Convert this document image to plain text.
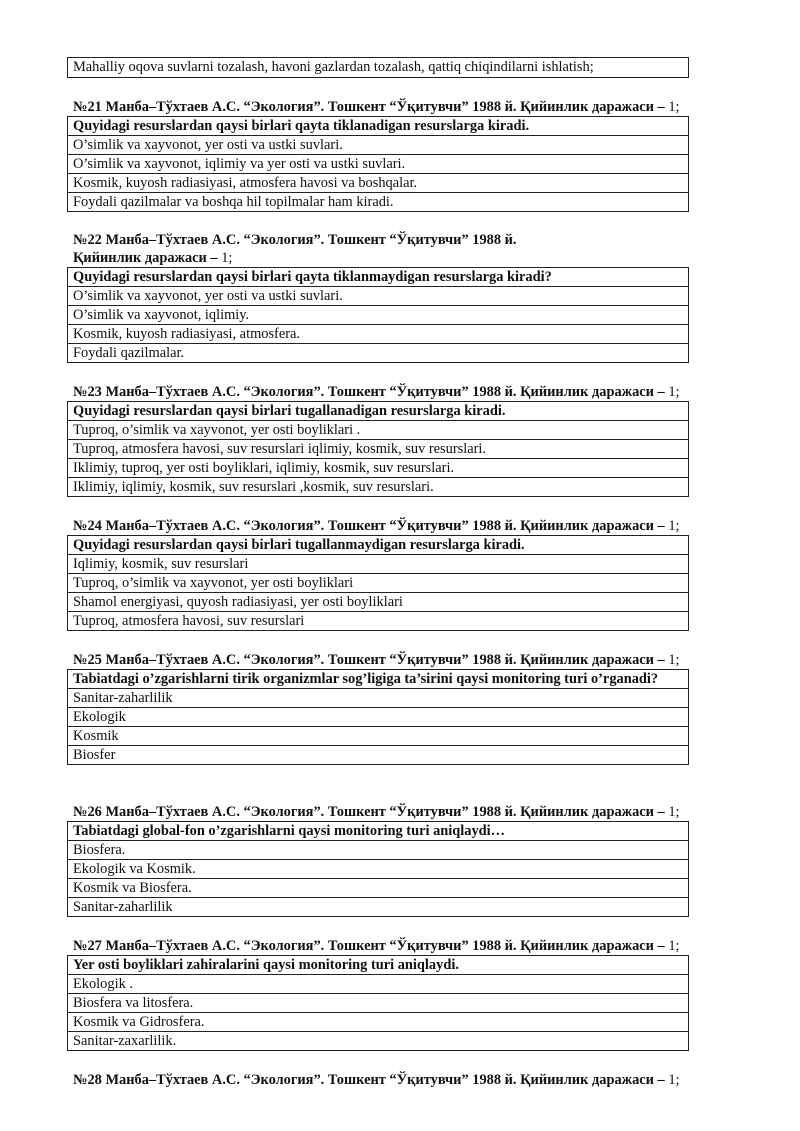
Mahalliy oqova suvlarni tozalash, havoni gazlardan tozalash, qattiq chiqindilarni ishlatish;
№21 Манба–Тўхтаев А.С. “Экология”. Тошкент “Ўқитувчи” 1988 й. Қийинлик даражаси – 1;
Quyidagi resurslardan qaysi birlari qayta tiklanadigan resurslarga kiradi.
O’simlik va xayvonot, yer osti va ustki suvlari.
O’simlik va xayvonot, iqlimiy va yer osti va ustki suvlari.
Kosmik, kuyosh radiasiyasi, atmosfera havosi va boshqalar.
Foydali qazilmalar va boshqa hil topilmalar ham kiradi.
№22 Манба–Тўхтаев А.С. “Экология”. Тошкент “Ўқитувчи” 1988 й.
Қийинлик даражаси – 1;
Quyidagi resurslardan qaysi birlari qayta tiklanmaydigan resurslarga kiradi?
O’simlik va xayvonot, yer osti va ustki suvlari.
O’simlik va xayvonot, iqlimiy.
Kosmik, kuyosh radiasiyasi, atmosfera.
Foydali qazilmalar.
№23 Манба–Тўхтаев А.С. “Экология”. Тошкент “Ўқитувчи” 1988 й. Қийинлик даражаси – 1;
Quyidagi resurslardan qaysi birlari tugallanadigan resurslarga kiradi.
Tuproq, o’simlik va xayvonot, yer osti boyliklari .
Tuproq, atmosfera havosi, suv resurslari iqlimiy, kosmik, suv resurslari.
Iklimiy, tuproq, yer osti boyliklari, iqlimiy, kosmik, suv resurslari.
Iklimiy, iqlimiy, kosmik, suv resurslari ,kosmik, suv resurslari.
№24 Манба–Тўхтаев А.С. “Экология”. Тошкент “Ўқитувчи” 1988 й. Қийинлик даражаси – 1;
Quyidagi resurslardan qaysi birlari tugallanmaydigan resurslarga kiradi.
Iqlimiy, kosmik, suv resurslari
Tuproq, o’simlik va xayvonot, yer osti boyliklari
Shamol energiyasi, quyosh radiasiyasi, yer osti boyliklari
Tuproq, atmosfera havosi, suv resurslari
№25 Манба–Тўхтаев А.С. “Экология”. Тошкент “Ўқитувчи” 1988 й. Қийинлик даражаси – 1;
Tabiatdagi o’zgarishlarni tirik organizmlar sog’ligiga ta’sirini qaysi monitoring turi o’rganadi?
Sanitar-zaharlilik
Ekologik
Kosmik
Biosfer
№26 Манба–Тўхтаев А.С. “Экология”. Тошкент “Ўқитувчи” 1988 й. Қийинлик даражаси – 1;
Tabiatdagi global-fon o’zgarishlarni qaysi monitoring turi aniqlaydi…
Biosfera.
Ekologik va Kosmik.
Kosmik va Biosfera.
Sanitar-zaharlilik
№27 Манба–Тўхтаев А.С. “Экология”. Тошкент “Ўқитувчи” 1988 й. Қийинлик даражаси – 1;
Yer osti boyliklari zahiralarini qaysi monitoring turi aniqlaydi.
Ekologik .
Biosfera va litosfera.
Kosmik va Gidrosfera.
Sanitar-zaxarlilik.
№28 Манба–Тўхтаев А.С. “Экология”. Тошкент “Ўқитувчи” 1988 й. Қийинлик даражаси – 1;
